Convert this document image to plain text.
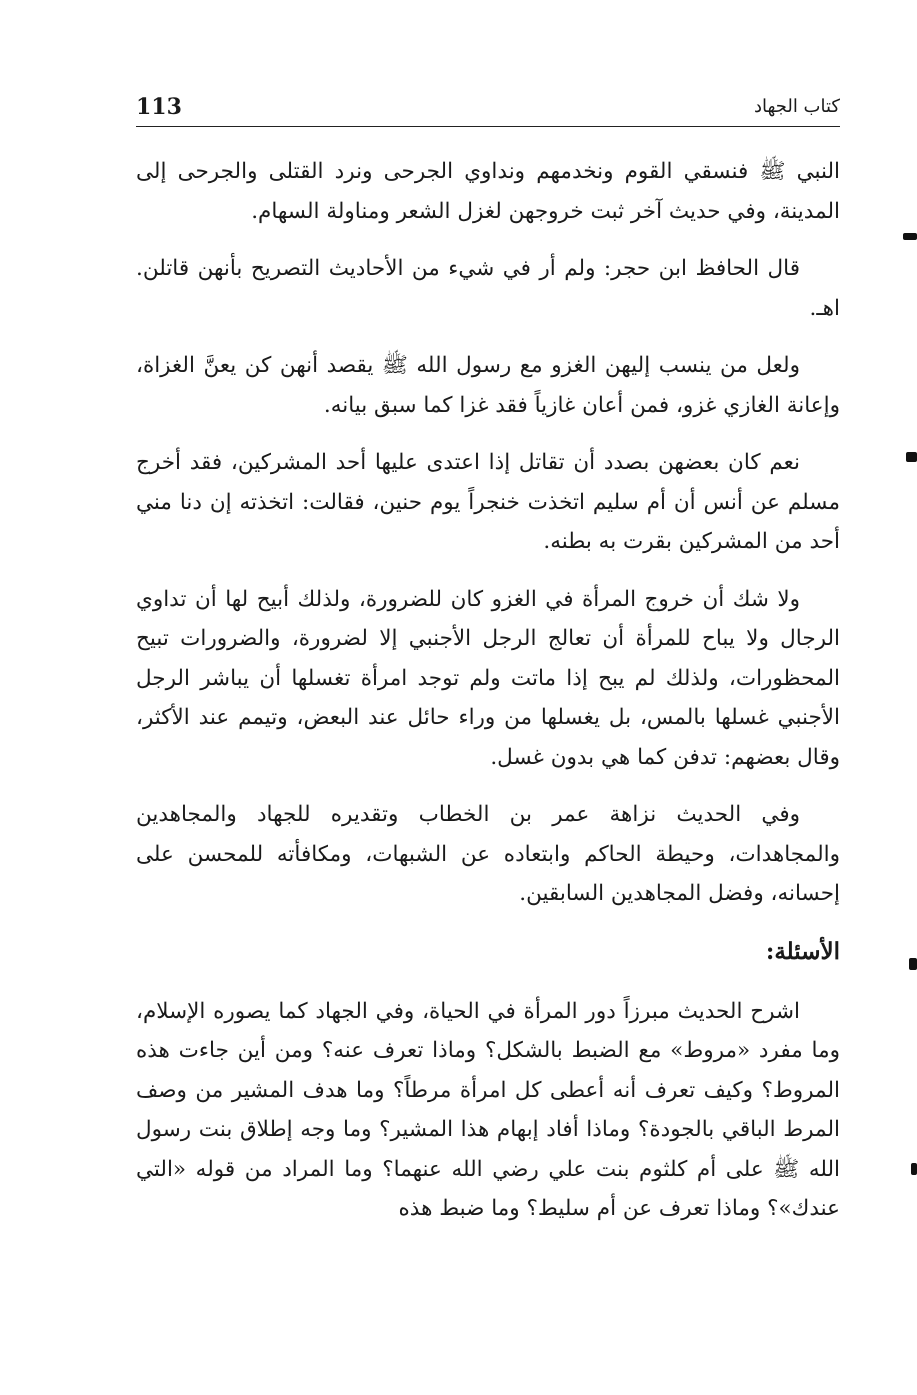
113	كتاب الجهاد

النبي ﷺ فنسقي القوم ونخدمهم ونداوي الجرحى ونرد القتلى والجرحى إلى المدينة، وفي حديث آخر ثبت خروجهن لغزل الشعر ومناولة السهام.

قال الحافظ ابن حجر: ولم أر في شيء من الأحاديث التصريح بأنهن قاتلن. اهـ.

ولعل من ينسب إليهن الغزو مع رسول الله ﷺ يقصد أنهن كن يعنَّ الغزاة، وإعانة الغازي غزو، فمن أعان غازياً فقد غزا كما سبق بيانه.

نعم كان بعضهن بصدد أن تقاتل إذا اعتدى عليها أحد المشركين، فقد أخرج مسلم عن أنس أن أم سليم اتخذت خنجراً يوم حنين، فقالت: اتخذته إن دنا مني أحد من المشركين بقرت به بطنه.

ولا شك أن خروج المرأة في الغزو كان للضرورة، ولذلك أبيح لها أن تداوي الرجال ولا يباح للمرأة أن تعالج الرجل الأجنبي إلا لضرورة، والضرورات تبيح المحظورات، ولذلك لم يبح إذا ماتت ولم توجد امرأة تغسلها أن يباشر الرجل الأجنبي غسلها بالمس، بل يغسلها من وراء حائل عند البعض، وتيمم عند الأكثر، وقال بعضهم: تدفن كما هي بدون غسل.

وفي الحديث نزاهة عمر بن الخطاب وتقديره للجهاد والمجاهدين والمجاهدات، وحيطة الحاكم وابتعاده عن الشبهات، ومكافأته للمحسن على إحسانه، وفضل المجاهدين السابقين.

الأسئلة:

اشرح الحديث مبرزاً دور المرأة في الحياة، وفي الجهاد كما يصوره الإسلام، وما مفرد «مروط» مع الضبط بالشكل؟ وماذا تعرف عنه؟ ومن أين جاءت هذه المروط؟ وكيف تعرف أنه أعطى كل امرأة مرطاً؟ وما هدف المشير من وصف المرط الباقي بالجودة؟ وماذا أفاد إبهام هذا المشير؟ وما وجه إطلاق بنت رسول الله ﷺ على أم كلثوم بنت علي رضي الله عنهما؟ وما المراد من قوله «التي عندك»؟ وماذا تعرف عن أم سليط؟ وما ضبط هذه
